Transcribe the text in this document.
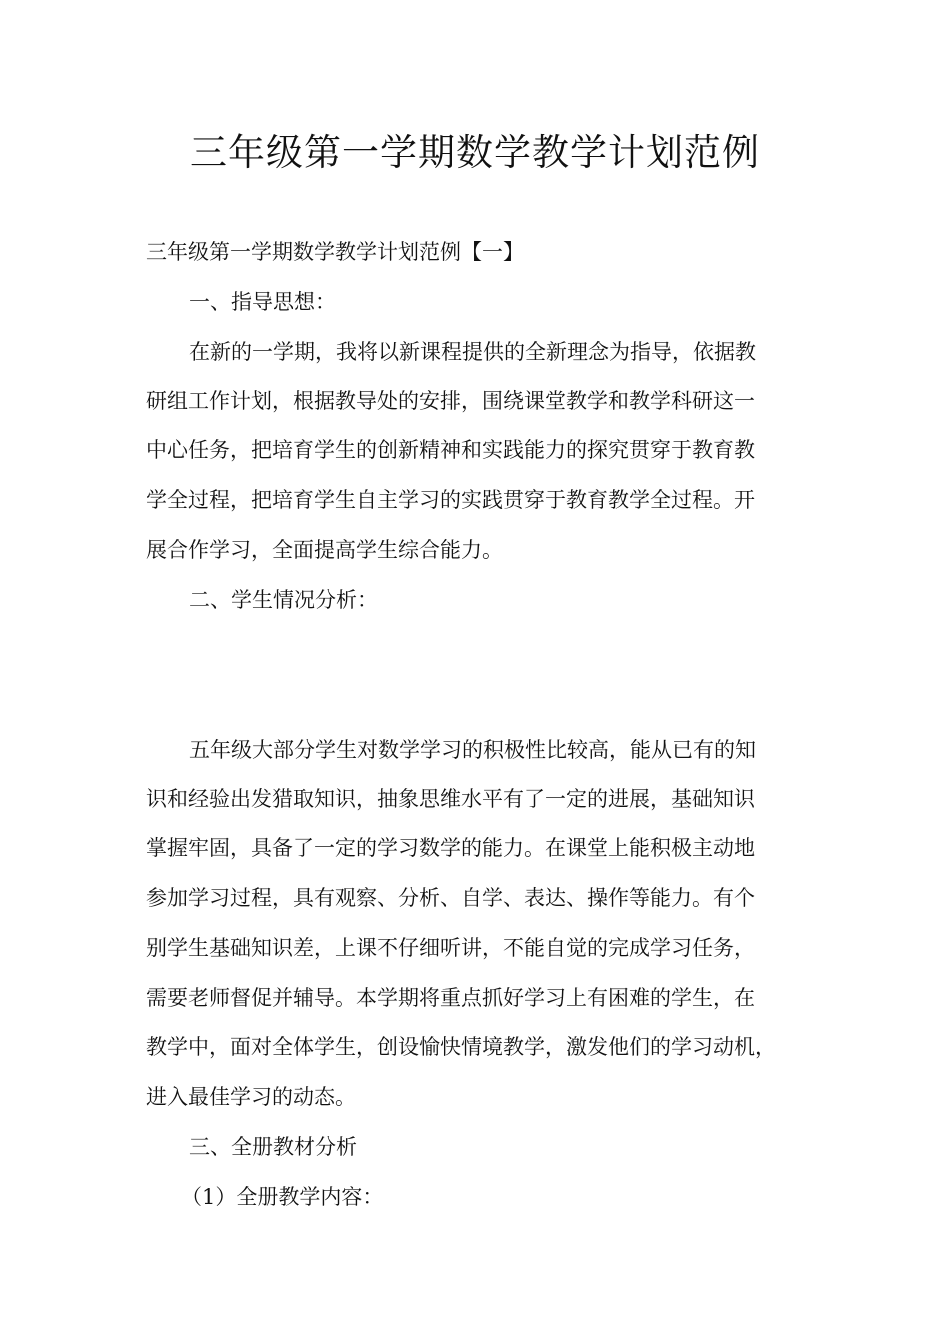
三年级第一学期数学教学计划范例

三年级第一学期数学教学计划范例【一】

一、指导思想：

在新的一学期，我将以新课程提供的全新理念为指导，依据教

研组工作计划，根据教导处的安排，围绕课堂教学和教学科研这一

中心任务，把培育学生的创新精神和实践能力的探究贯穿于教育教

学全过程，把培育学生自主学习的实践贯穿于教育教学全过程。开

展合作学习，全面提高学生综合能力。

二、学生情况分析：

五年级大部分学生对数学学习的积极性比较高，能从已有的知

识和经验出发猎取知识，抽象思维水平有了一定的进展，基础知识

掌握牢固，具备了一定的学习数学的能力。在课堂上能积极主动地

参加学习过程，具有观察、分析、自学、表达、操作等能力。有个

别学生基础知识差，上课不仔细听讲，不能自觉的完成学习任务，

需要老师督促并辅导。本学期将重点抓好学习上有困难的学生，在

教学中，面对全体学生，创设愉快情境教学，激发他们的学习动机，

进入最佳学习的动态。

三、全册教材分析

（1）全册教学内容：
